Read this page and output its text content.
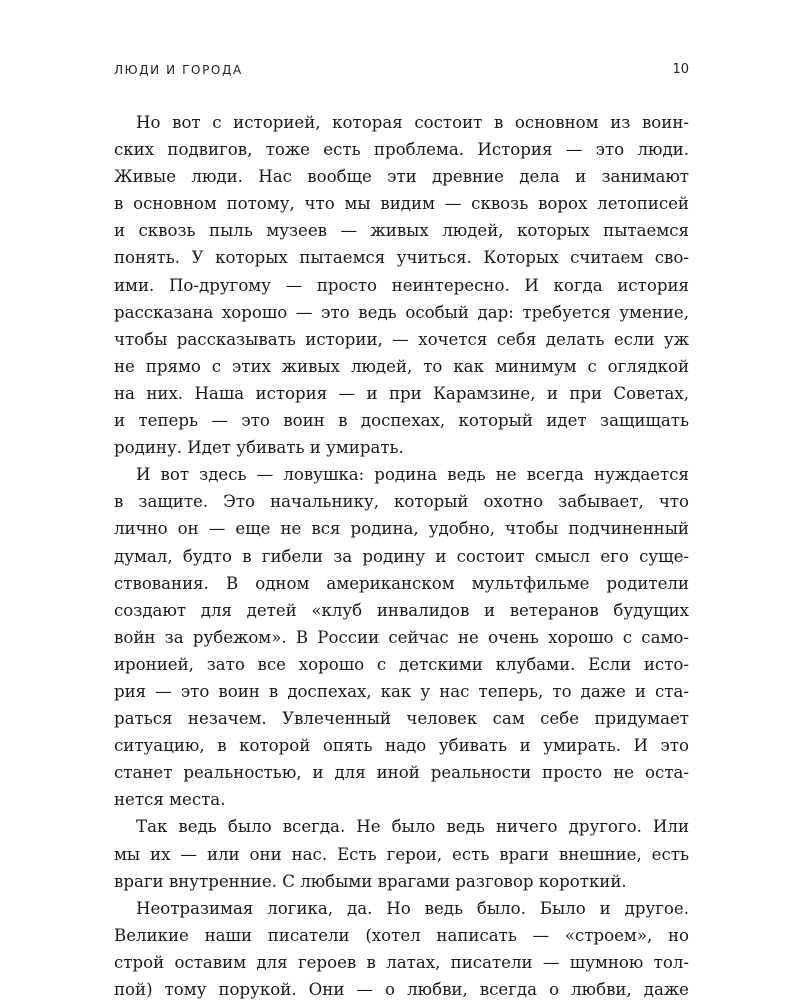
ЛЮДИ И ГОРОДА	10
Но вот с историей, которая состоит в основном из воин-
ских подвигов, тоже есть проблема. История — это люди.
Живые люди. Нас вообще эти древние дела и занимают
в основном потому, что мы видим — сквозь ворох летописей
и сквозь пыль музеев — живых людей, которых пытаемся
понять. У которых пытаемся учиться. Которых считаем сво-
ими. По-другому — просто неинтересно. И когда история
рассказана хорошо — это ведь особый дар: требуется умение,
чтобы рассказывать истории, — хочется себя делать если уж
не прямо с этих живых людей, то как минимум с оглядкой
на них. Наша история — и при Карамзине, и при Советах,
и теперь — это воин в доспехах, который идет защищать
родину. Идет убивать и умирать.
И вот здесь — ловушка: родина ведь не всегда нуждается
в защите. Это начальнику, который охотно забывает, что
лично он — еще не вся родина, удобно, чтобы подчиненный
думал, будто в гибели за родину и состоит смысл его суще-
ствования. В одном американском мультфильме родители
создают для детей «клуб инвалидов и ветеранов будущих
войн за рубежом». В России сейчас не очень хорошо с само-
иронией, зато все хорошо с детскими клубами. Если исто-
рия — это воин в доспехах, как у нас теперь, то даже и ста-
раться незачем. Увлеченный человек сам себе придумает
ситуацию, в которой опять надо убивать и умирать. И это
станет реальностью, и для иной реальности просто не оста-
нется места.
Так ведь было всегда. Не было ведь ничего другого. Или
мы их — или они нас. Есть герои, есть враги внешние, есть
враги внутренние. С любыми врагами разговор короткий.
Неотразимая логика, да. Но ведь было. Было и другое.
Великие наши писатели (хотел написать — «строем», но
строй оставим для героев в латах, писатели — шумною тол-
пой) тому порукой. Они — о любви, всегда о любви, даже
